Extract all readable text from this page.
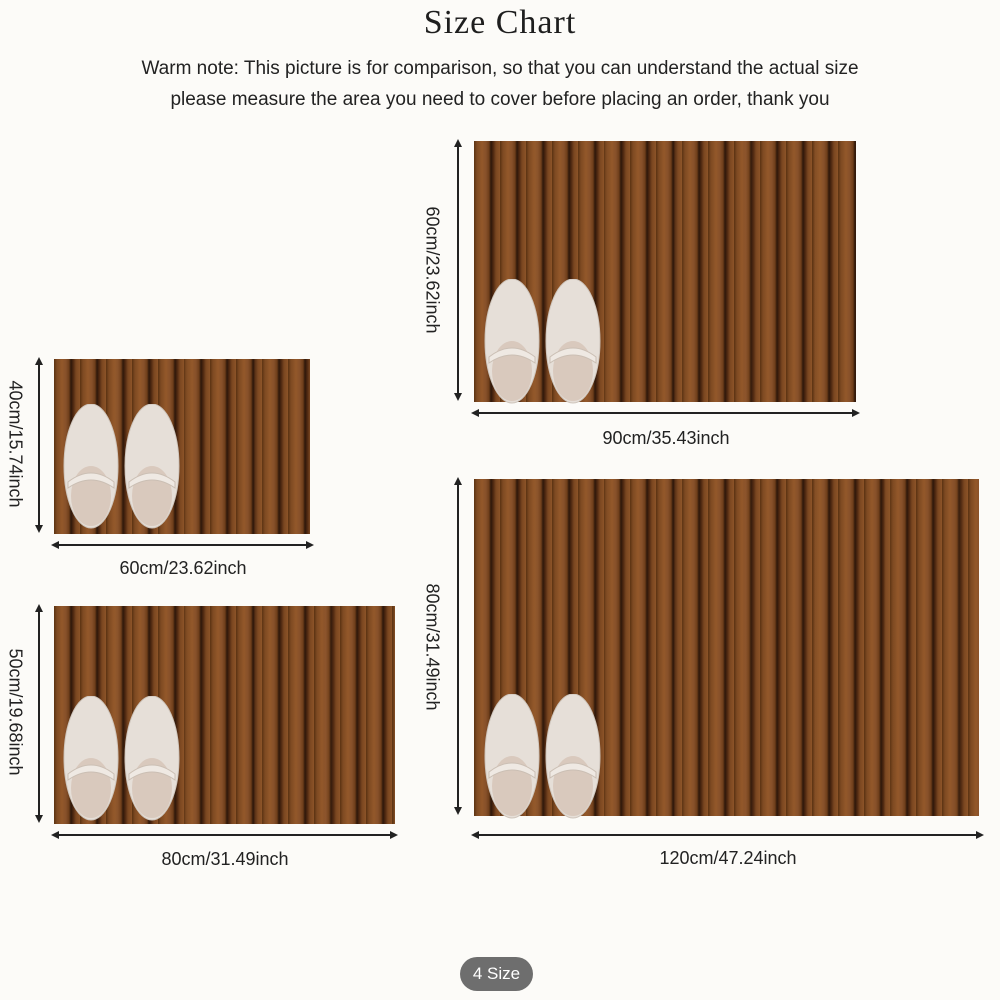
Size Chart
Warm note: This picture is for comparison, so that you can understand the actual size
please measure the area you need to cover before placing an order, thank you
40cm/15.74inch
60cm/23.62inch
60cm/23.62inch
90cm/35.43inch
50cm/19.68inch
80cm/31.49inch
80cm/31.49inch
120cm/47.24inch
4 Size
